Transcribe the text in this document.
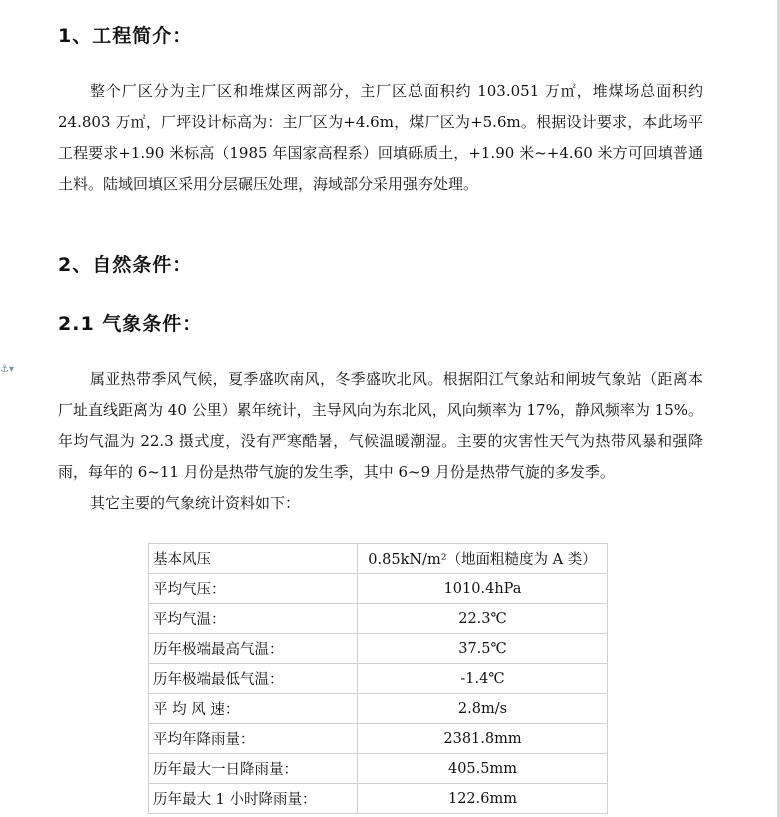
⚓▾
1、工程简介：

整个厂区分为主厂区和堆煤区两部分，主厂区总面积约 103.051 万㎡，堆煤场总面积约 24.803 万㎡，厂坪设计标高为：主厂区为+4.6m，煤厂区为+5.6m。根据设计要求，本此场平工程要求+1.90 米标高（1985 年国家高程系）回填砾质土，+1.90 米~+4.60 米方可回填普通土料。陆域回填区采用分层碾压处理，海域部分采用强夯处理。

2、自然条件：
2.1 气象条件：

属亚热带季风气候，夏季盛吹南风，冬季盛吹北风。根据阳江气象站和闸坡气象站（距离本厂址直线距离为 40 公里）累年统计，主导风向为东北风，风向频率为 17%，静风频率为 15%。年均气温为 22.3 摄式度，没有严寒酷暑，气候温暖潮湿。主要的灾害性天气为热带风暴和强降雨，每年的 6~11 月份是热带气旋的发生季，其中 6~9 月份是热带气旋的多发季。

其它主要的气象统计资料如下：

基本风压	0.85kN/m²（地面粗糙度为 A 类）
平均气压：	1010.4hPa
平均气温：	22.3℃
历年极端最高气温：	37.5℃
历年极端最低气温：	-1.4℃
平 均 风 速：	2.8m/s
平均年降雨量：	2381.8mm
历年最大一日降雨量：	405.5mm
历年最大 1 小时降雨量：	122.6mm
